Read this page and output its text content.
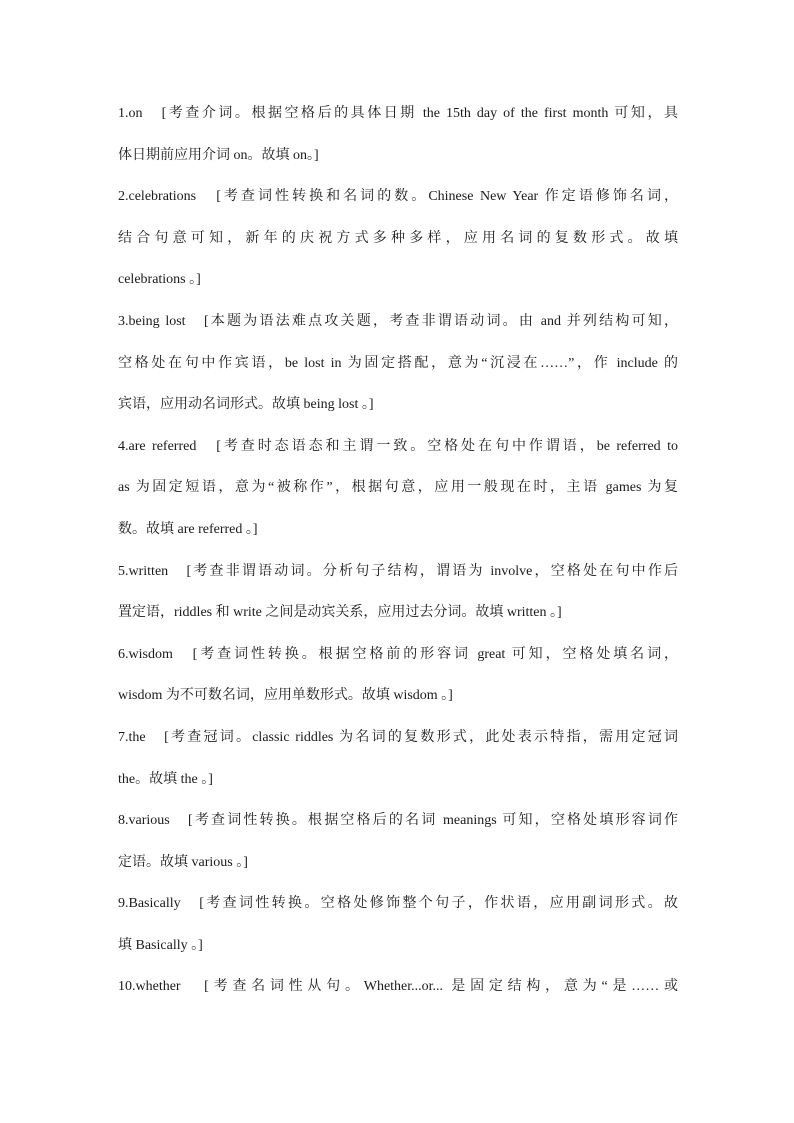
1.on　[考查介词。根据空格后的具体日期 the 15th day of the first month 可知，具
体日期前应用介词 on。故填 on。]
2.celebrations　[考查词性转换和名词的数。Chinese New Year 作定语修饰名词，
结合句意可知，新年的庆祝方式多种多样，应用名词的复数形式。故填
celebrations 。]
3.being lost　[本题为语法难点攻关题，考查非谓语动词。由 and 并列结构可知，
空格处在句中作宾语，be lost in 为固定搭配，意为“沉浸在……”，作 include 的
宾语，应用动名词形式。故填 being lost 。]
4.are referred　[考查时态语态和主谓一致。空格处在句中作谓语，be referred to
as 为固定短语，意为“被称作”，根据句意，应用一般现在时，主语 games 为复
数。故填 are referred 。]
5.written　[考查非谓语动词。分析句子结构，谓语为 involve，空格处在句中作后
置定语，riddles 和 write 之间是动宾关系，应用过去分词。故填 written 。]
6.wisdom　[考查词性转换。根据空格前的形容词 great 可知，空格处填名词，
wisdom 为不可数名词，应用单数形式。故填 wisdom 。]
7.the　[考查冠词。classic riddles 为名词的复数形式，此处表示特指，需用定冠词
the。故填 the 。]
8.various　[考查词性转换。根据空格后的名词 meanings 可知，空格处填形容词作
定语。故填 various 。]
9.Basically　[考查词性转换。空格处修饰整个句子，作状语，应用副词形式。故
填 Basically 。]
10.whether　[考查名词性从句。Whether...or... 是固定结构，意为“是……或
